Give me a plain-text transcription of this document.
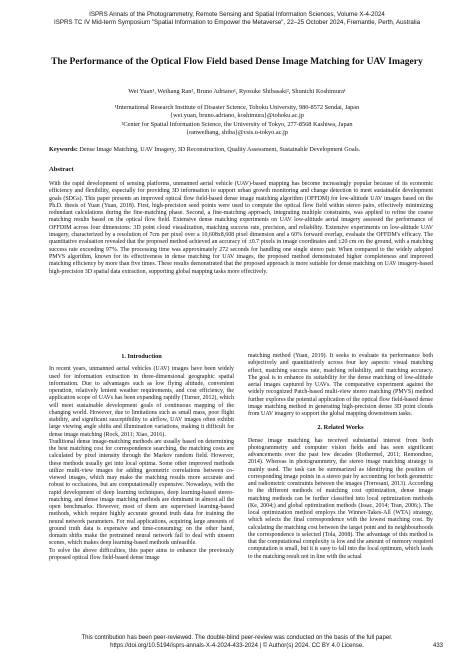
ISPRS Annals of the Photogrammetry, Remote Sensing and Spatial Information Sciences, Volume X-4-2024
ISPRS TC IV Mid-term Symposium "Spatial Information to Empower the Metaverse", 22–25 October 2024, Fremantle, Perth, Australia
The Performance of the Optical Flow Field based Dense Image Matching for UAV Imagery
Wei Yuan¹, Weihang Ran², Bruno Adriano¹, Ryosuke Shibasaki², Shunichi Koshimura¹
¹International Research Institute of Disaster Science, Tohoku University, 980-8572 Sendai, Japan
{wei.yuan, bruno.adriano, koshimura}@tohoku.ac.jp
²Center for Spatial Information Science, the University of Tokyo, 277-8568 Kashiwa, Japan
{ranweihang, shiba}@csis.u-tokyo.ac.jp
Keywords: Dense Image Matching, UAV Imagery, 3D Reconstruction, Quality Assessment, Sustainable Development Goals.
Abstract

With the rapid development of sensing platforms, unmanned aerial vehicle (UAV)-based mapping has become increasingly popular because of its economic efficiency and flexibility, especially for providing 3D information to support urban growth monitoring and change detection to meet sustainable development goals (SDGs). This paper presents an improved optical flow field-based dense image matching algorithm (OFFDM) for low-altitude UAV images based on the Ph.D. thesis of Yuan (Yuan, 2018). First, high-precision seed points were used to compute the optical flow field within stereo pairs, effectively minimizing redundant calculations during the fine-matching phase. Second, a fine-matching approach, integrating multiple constraints, was applied to refine the coarse matching results based on the optical flow field. Extensive dense matching experiments on UAV low-altitude aerial imagery assessed the performance of OFFDIM across four dimensions: 3D point cloud visualization, matching success rate, precision, and reliability. Extensive experiments on low-altitude UAV imagery, characterized by a resolution of 7cm per pixel over a 10,608x8,608 pixel dimension and a 60% forward overlap, evaluate the OFFDM's efficacy. The quantitative evaluation revealed that the proposed method achieved an accuracy of ±0.7 pixels in image coordinates and ±20 cm on the ground, with a matching success rate exceeding 97%. The processing time was approximately 272 seconds for handling one single stereo pair. When compared to the widely adopted PMVS algorithm, known for its effectiveness in dense matching for UAV images, the proposed method demonstrated higher completeness and improved matching efficiency by more than five times. These results demonstrated that the proposed approach is more suitable for dense matching on UAV imagery-based high-precision 3D spatial data extraction, supporting global mapping tasks more effectively.

1. Introduction

In recent years, unmanned aerial vehicles (UAV) images have been widely used for information extraction in three-dimensional geographic spatial information. Due to advantages such as low flying altitude, convenient operation, relatively lenient weather requirements, and cost efficiency, the application scope of UAVs has been expanding rapidly (Turner, 2012), which will meet sustainable development goals of continuous mapping of the changing world. However, due to limitations such as small mass, poor flight stability, and significant susceptibility to airflow, UAV images often exhibit large viewing angle shifts and illumination variations, making it difficult for dense image matching (Rock, 2011; Xiao, 2016).

Traditional dense image-matching methods are usually based on determining the best matching cost for correspondence searching, the matching costs are calculated by pixel intensity through the Markov random field. However, these methods usually get into local optima. Some other improved methods utilize multi-view images for adding geometric correlations between co-viewed images, which may make the matching results more accurate and robust to occlusions, but are computationally expensive. Nowadays, with the rapid development of deep learning techniques, deep learning-based stereo-matching, and dense image matching methods are dominant in almost all the open benchmarks. However, most of them are supervised learning-based methods, which require highly accurate ground truth data for training the neural network parameters. For real applications, acquiring large amounts of ground truth data is expensive and time-consuming; on the other hand, domain shifts make the pretrained neural network fail to deal with unseen scenes, which makes deep learning-based methods unfeasible.

To solve the above difficulties, this paper aims to enhance the previously proposed optical flow field-based dense image

matching method (Yuan, 2019). It seeks to evaluate its performance both subjectively and quantitatively across four key aspects: visual matching effect, matching success rate, matching reliability, and matching accuracy. The goal is to enhance its suitability for the dense matching of low-altitude aerial images captured by UAVs. The comparative experiment against the widely recognized Patch-based multi-view stereo matching (PMVS) method further explores the potential application of the optical flow field-based dense image matching method in generating high-precision dense 3D point clouds from UAV imagery to support the global mapping downstream tasks.

2. Related Works

Dense image matching has received substantial interest from both photogrammetry and computer vision fields and has seen significant advancements over the past few decades (Rothermel, 2011; Remondino, 2014). Whereas in photogrammetry, the stereo image matching strategy is mainly used. The task can be summarized as identifying the position of corresponding image points in a stereo pair by accounting for both geometric and radiometric constraints between the images (Torresani, 2013). According to the different methods of matching cost optimization, dense image matching methods can be further classified into local optimization methods (Ke, 2004;) and global optimization methods (Issac, 2014; Tran, 2006;). The local optimization method employs the Winner-Takes-All (WTA) strategy, which selects the final correspondence with the lowest matching cost. By calculating the matching cost between the target point and its neighbourhoods the correspondence is selected (Tola, 2008). The advantage of this method is that the computational complexity is low and the amount of memory required computation is small, but it is easy to fall into the local optimum, which leads to the matching result not in line with the actual

This contribution has been peer-reviewed. The double-blind peer-review was conducted on the basis of the full paper.
https://doi.org/10.5194/isprs-annals-X-4-2024-433-2024 | © Author(s) 2024. CC BY 4.0 License.	433
